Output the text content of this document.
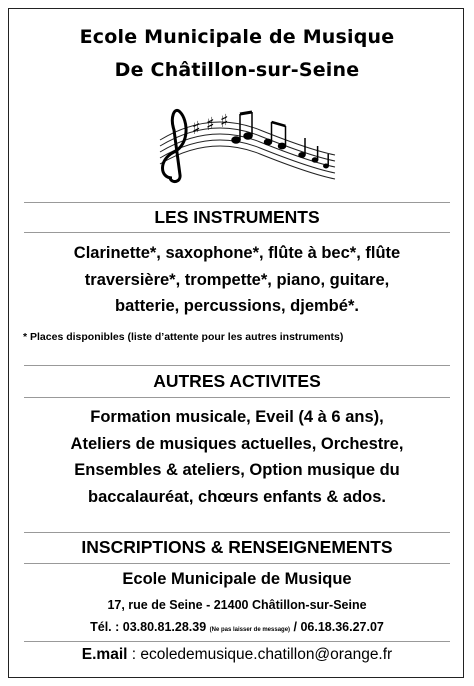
Ecole Municipale de Musique
De Châtillon-sur-Seine
♯ ♯ ♯
LES INSTRUMENTS
Clarinette*, saxophone*, flûte à bec*, flûte
traversière*, trompette*, piano, guitare,
batterie, percussions, djembé*.
* Places disponibles (liste d’attente pour les autres instruments)
AUTRES ACTIVITES
Formation musicale, Eveil (4 à 6 ans),
Ateliers de musiques actuelles, Orchestre,
Ensembles & ateliers, Option musique du
baccalauréat, chœurs enfants & ados.
INSCRIPTIONS & RENSEIGNEMENTS
Ecole Municipale de Musique
17, rue de Seine - 21400 Châtillon-sur-Seine
Tél. : 03.80.81.28.39 (Ne pas laisser de message) / 06.18.36.27.07
E.mail : ecoledemusique.chatillon@orange.fr
